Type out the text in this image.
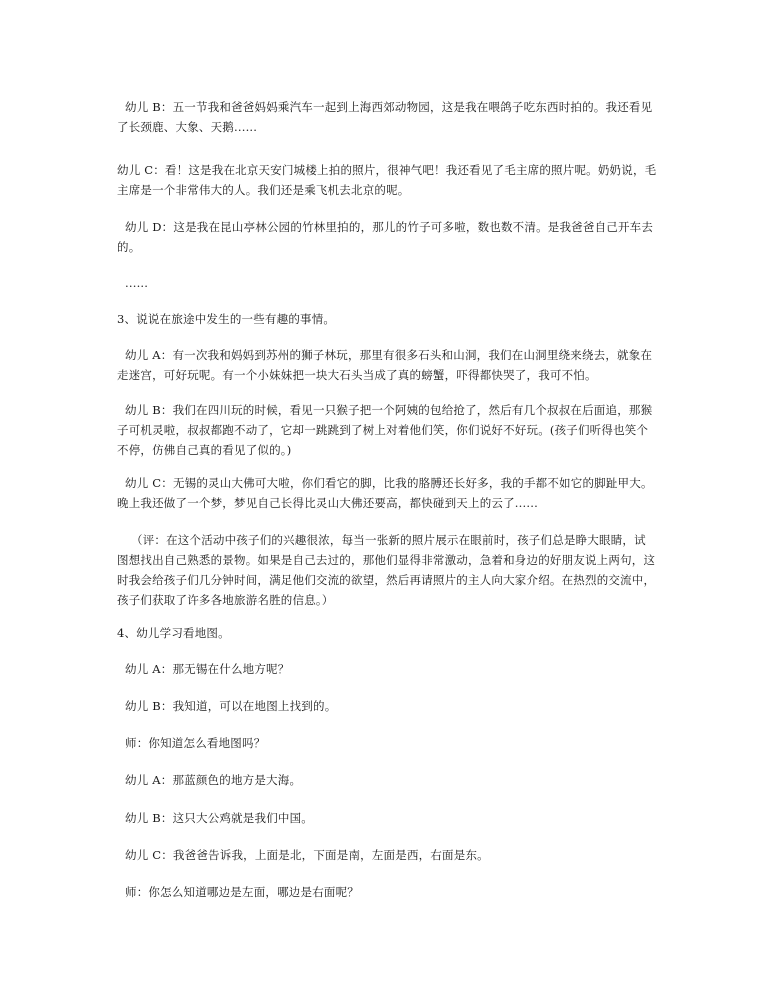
幼儿 B：五一节我和爸爸妈妈乘汽车一起到上海西郊动物园，这是我在喂鸽子吃东西时拍的。我还看见了长颈鹿、大象、天鹅......

幼儿 C：看！这是我在北京天安门城楼上拍的照片，很神气吧！我还看见了毛主席的照片呢。奶奶说，毛主席是一个非常伟大的人。我们还是乘飞机去北京的呢。

幼儿 D：这是我在昆山亭林公园的竹林里拍的，那儿的竹子可多啦，数也数不清。是我爸爸自己开车去的。

......

3、说说在旅途中发生的一些有趣的事情。

幼儿 A：有一次我和妈妈到苏州的狮子林玩，那里有很多石头和山洞，我们在山洞里绕来绕去，就象在走迷宫，可好玩呢。有一个小妹妹把一块大石头当成了真的螃蟹，吓得都快哭了，我可不怕。

幼儿 B：我们在四川玩的时候，看见一只猴子把一个阿姨的包给抢了，然后有几个叔叔在后面追，那猴子可机灵啦，叔叔都跑不动了，它却一跳跳到了树上对着他们笑，你们说好不好玩。(孩子们听得也笑个不停，仿佛自己真的看见了似的。)

幼儿 C：无锡的灵山大佛可大啦，你们看它的脚，比我的胳膊还长好多，我的手都不如它的脚趾甲大。晚上我还做了一个梦，梦见自己长得比灵山大佛还要高，都快碰到天上的云了......

（评：在这个活动中孩子们的兴趣很浓，每当一张新的照片展示在眼前时，孩子们总是睁大眼睛，试图想找出自己熟悉的景物。如果是自己去过的，那他们显得非常激动，急着和身边的好朋友说上两句，这时我会给孩子们几分钟时间，满足他们交流的欲望，然后再请照片的主人向大家介绍。在热烈的交流中，孩子们获取了许多各地旅游名胜的信息。）

4、幼儿学习看地图。

幼儿 A：那无锡在什么地方呢？

幼儿 B：我知道，可以在地图上找到的。

师：你知道怎么看地图吗？

幼儿 A：那蓝颜色的地方是大海。

幼儿 B：这只大公鸡就是我们中国。

幼儿 C：我爸爸告诉我，上面是北，下面是南，左面是西，右面是东。

师：你怎么知道哪边是左面，哪边是右面呢？
